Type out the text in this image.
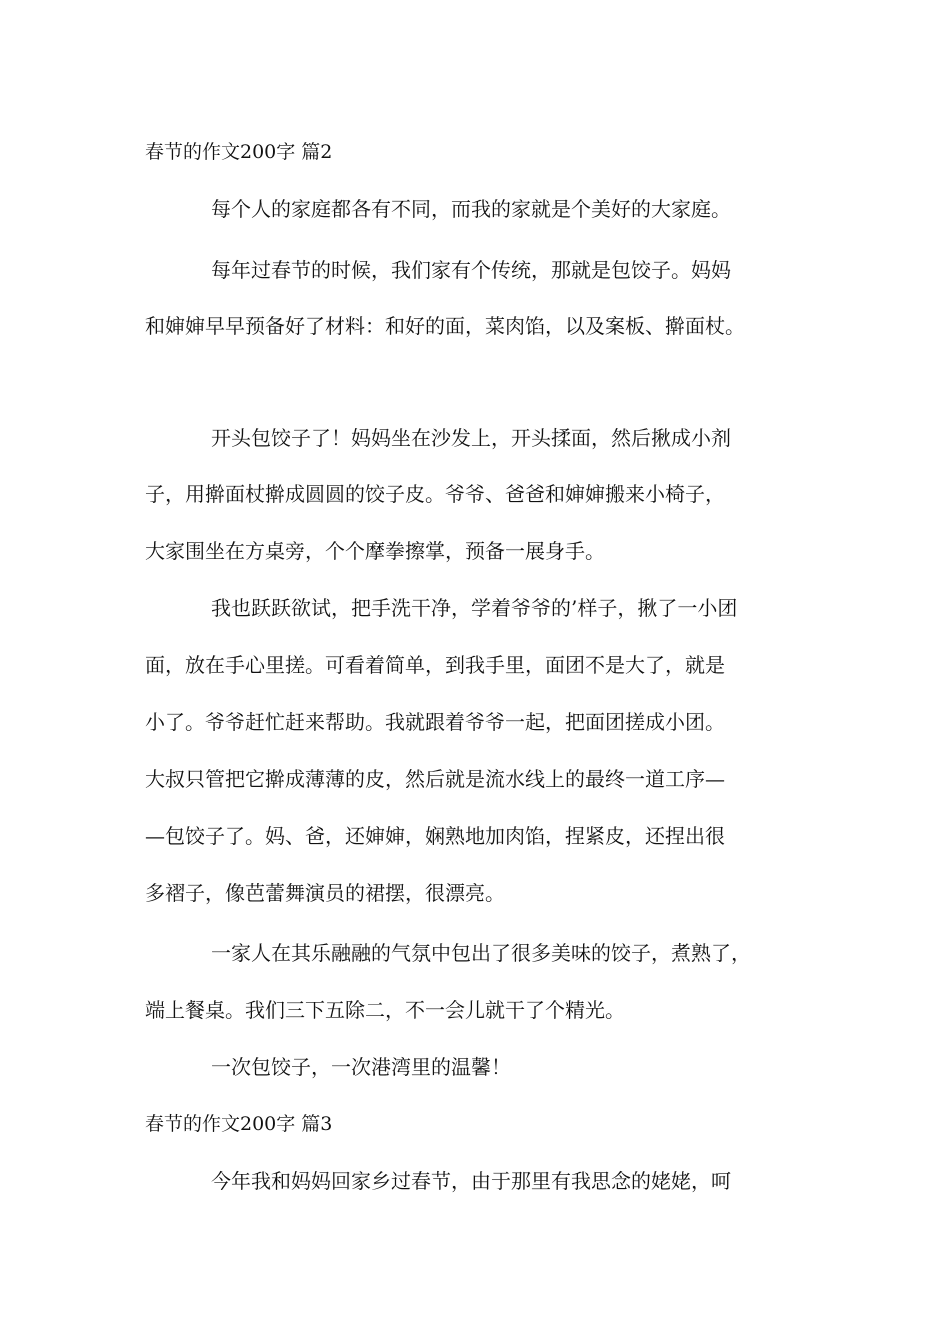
春节的作文200字 篇2
每个人的家庭都各有不同，而我的家就是个美好的大家庭。
每年过春节的时候，我们家有个传统，那就是包饺子。妈妈
和婶婶早早预备好了材料：和好的面，菜肉馅，以及案板、擀面杖。
开头包饺子了！妈妈坐在沙发上，开头揉面，然后揪成小剂
子，用擀面杖擀成圆圆的饺子皮。爷爷、爸爸和婶婶搬来小椅子，
大家围坐在方桌旁，个个摩拳擦掌，预备一展身手。
我也跃跃欲试，把手洗干净，学着爷爷的’样子，揪了一小团
面，放在手心里搓。可看着简单，到我手里，面团不是大了，就是
小了。爷爷赶忙赶来帮助。我就跟着爷爷一起，把面团搓成小团。
大叔只管把它擀成薄薄的皮，然后就是流水线上的最终一道工序—
—包饺子了。妈、爸，还婶婶，娴熟地加肉馅，捏紧皮，还捏出很
多褶子，像芭蕾舞演员的裙摆，很漂亮。
一家人在其乐融融的气氛中包出了很多美味的饺子，煮熟了，
端上餐桌。我们三下五除二，不一会儿就干了个精光。
一次包饺子，一次港湾里的温馨！
春节的作文200字 篇3
今年我和妈妈回家乡过春节，由于那里有我思念的姥姥，呵
